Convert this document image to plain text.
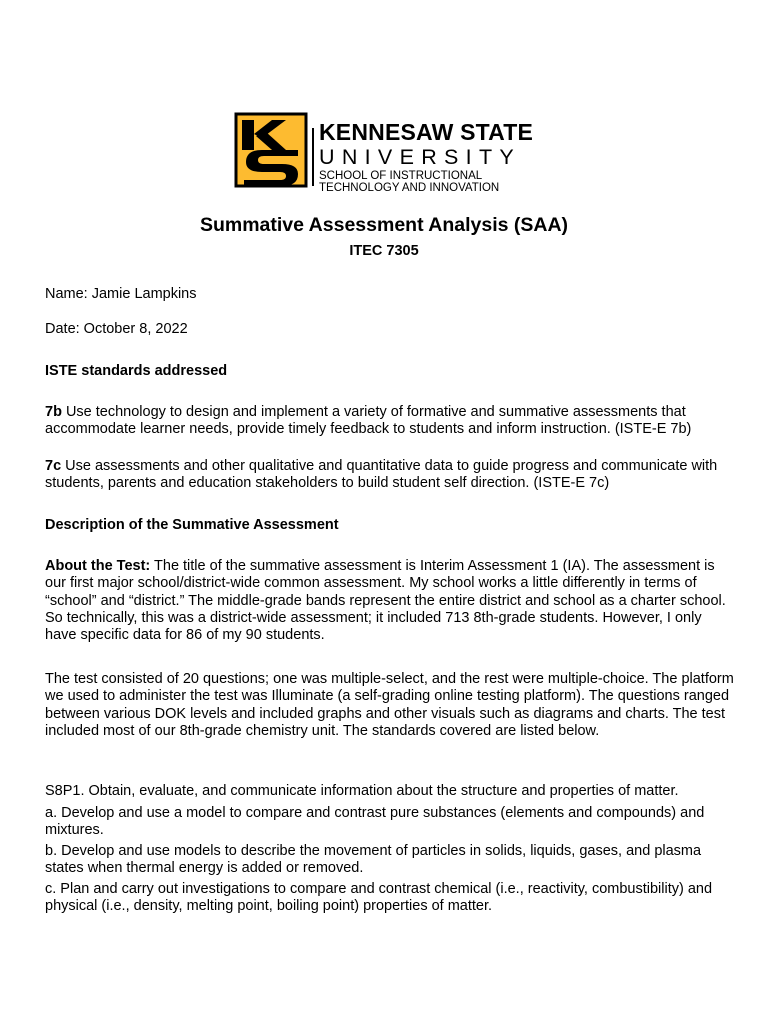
KENNESAW STATE
UNIVERSITY
SCHOOL OF INSTRUCTIONAL
TECHNOLOGY AND INNOVATION
Summative Assessment Analysis (SAA)
ITEC 7305
Name: Jamie Lampkins
Date: October 8, 2022
ISTE standards addressed
7b Use technology to design and implement a variety of formative and summative assessments that accommodate learner needs, provide timely feedback to students and inform instruction. (ISTE-E 7b)
7c Use assessments and other qualitative and quantitative data to guide progress and communicate with students, parents and education stakeholders to build student self direction. (ISTE-E 7c)
Description of the Summative Assessment
About the Test: The title of the summative assessment is Interim Assessment 1 (IA). The assessment is our first major school/district-wide common assessment. My school works a little differently in terms of “school” and “district.” The middle-grade bands represent the entire district and school as a charter school. So technically, this was a district-wide assessment; it included 713 8th-grade students. However, I only have specific data for 86 of my 90 students.
The test consisted of 20 questions; one was multiple-select, and the rest were multiple-choice. The platform we used to administer the test was Illuminate (a self-grading online testing platform). The questions ranged between various DOK levels and included graphs and other visuals such as diagrams and charts. The test included most of our 8th-grade chemistry unit. The standards covered are listed below.
S8P1. Obtain, evaluate, and communicate information about the structure and properties of matter.
a. Develop and use a model to compare and contrast pure substances (elements and compounds) and mixtures.
b. Develop and use models to describe the movement of particles in solids, liquids, gases, and plasma states when thermal energy is added or removed.
c. Plan and carry out investigations to compare and contrast chemical (i.e., reactivity, combustibility) and physical (i.e., density, melting point, boiling point) properties of matter.
